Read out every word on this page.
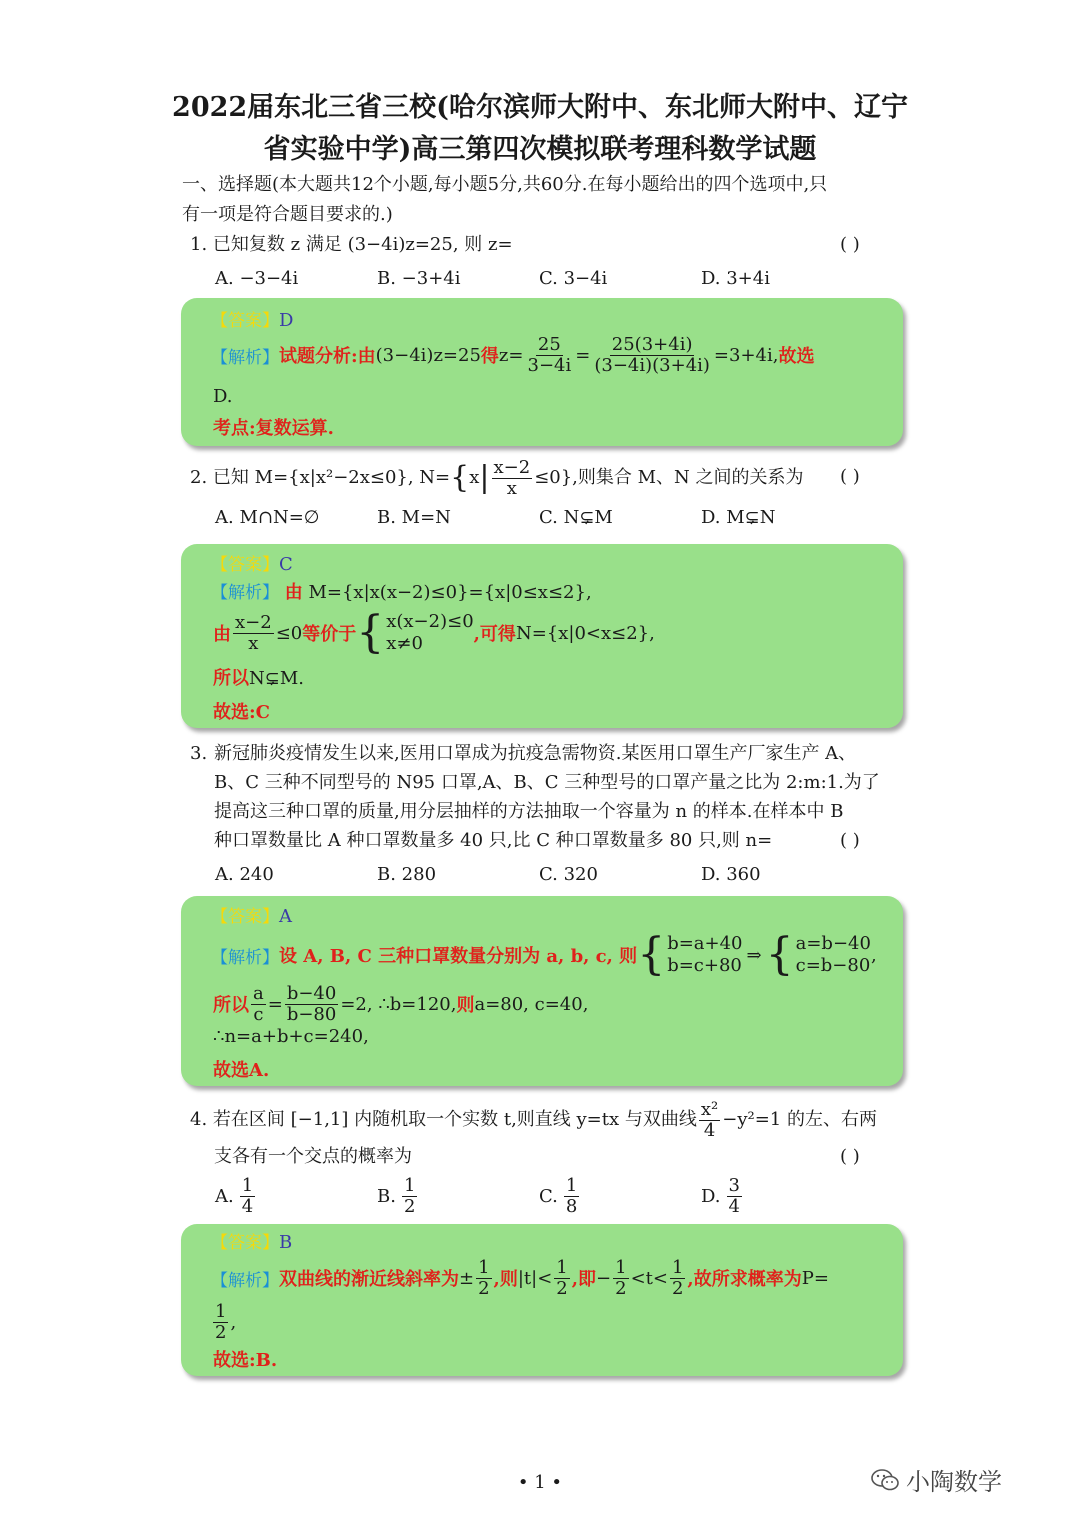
2022届东北三省三校(哈尔滨师大附中、东北师大附中、辽宁
省实验中学)高三第四次模拟联考理科数学试题
一、选择题(本大题共12个小题,每小题5分,共60分.在每小题给出的四个选项中,只
有一项是符合题目要求的.)
1. 已知复数 z 满足 (3−4i)z=25, 则 z=	( )
A. −3−4i	B. −3+4i	C. 3−4i	D. 3+4i
【答案】D
【解析】 试题分析:由 (3−4i)z=25 得 $z= \frac{25}{3-4i} = \frac{25(3+4i)}{(3-4i)(3+4i)} =3+4i$, 故选
D.
考点:复数运算.
2.
已知 M={x|x²−2x≤0}, N= { x | $\frac{x-2}{x} \le 0$},则集合 M、N 之间的关系为 ( )
A. M∩N=∅	B. M=N	C. N⊊M	D. M⊊N
【答案】C
【解析】 由 M={x|x(x−2)≤0}={x|0≤x≤2},
由 $\frac{x-2}{x} \le 0$ 等价于 { x(x−2)≤0
x≠0	,可得 N={x|0<x≤2},
所以N⊊M.
故选:C
3. 新冠肺炎疫情发生以来,医用口罩成为抗疫急需物资.某医用口罩生产厂家生产 A、
B、C 三种不同型号的 N95 口罩,A、B、C 三种型号的口罩产量之比为 2:m:1.为了
提高这三种口罩的质量,用分层抽样的方法抽取一个容量为 n 的样本.在样本中 B
种口罩数量比 A 种口罩数量多 40 只,比 C 种口罩数量多 80 只,则 n=	( )
A. 240	B. 280	C. 320	D. 360
【答案】A
【解析】 设 A, B, C 三种口罩数量分别为 a, b, c, 则 { b=a+40
b=c+80 ⇒ { a=b−40
c=b−80 ,
所以 $\frac{a}{c} = \frac{b-40}{b-80} =2$, ∴b=120, 则 a=80, c=40,
∴n=a+b+c=240,
故选A.
4.
若在区间 [−1,1] 内随机取一个实数 t,则直线 y=tx 与双曲线 $\frac{\text{x²}}{4} -y^2=1$ 的左、右两
支各有一个交点的概率为	( )
A. $\frac{1}{4}$	B. $\frac{1}{2}$	C. $\frac{1}{8}$	D. $\frac{3}{4}$
【答案】B
【解析】 双曲线的渐近线斜率为 ± $\frac{1}{2}$ ,则 $|t|< \frac{1}{2}$ ,即 − $\frac{1}{2} <t< \frac{1}{2}$ ,故所求概率为 P=
$\frac{1}{2}$ ,
故选:B.
• 1 •	小陶数学
